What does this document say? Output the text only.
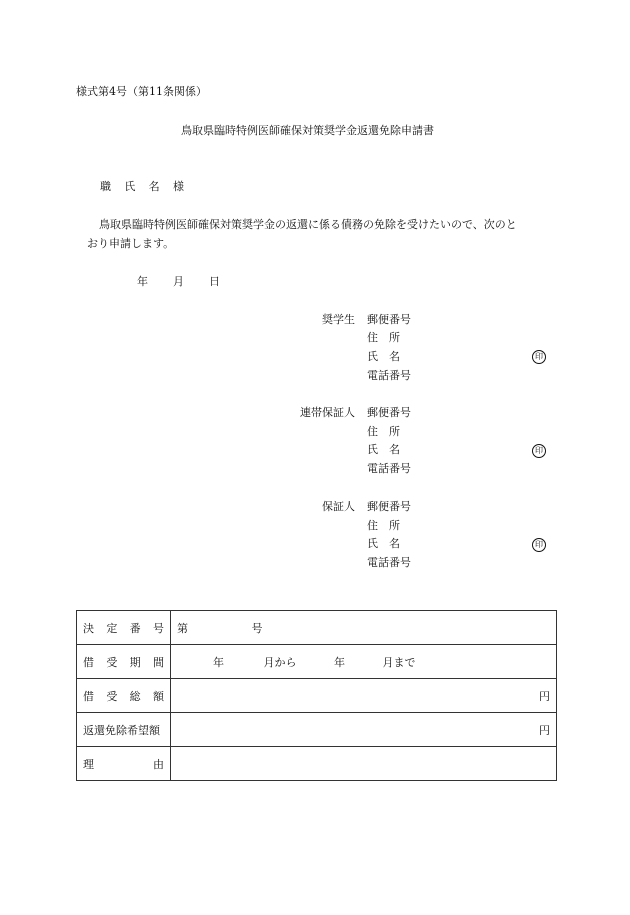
様式第4号（第11条関係）
鳥取県臨時特例医師確保対策奨学金返還免除申請書
職 氏 名 様
鳥取県臨時特例医師確保対策奨学金の返還に係る債務の免除を受けたいので、次のと
おり申請します。
年 月 日
奨学生 郵便番号
住　所
氏　名
電話番号
印
連帯保証人 郵便番号
住　所
氏　名
電話番号
印
保証人 郵便番号
住　所
氏　名
電話番号
印
決 定 番 号	第 号

借 受 期 間	年 月から 年 月まで

借 受 総 額	円

返還免除希望額	円

理 由	
